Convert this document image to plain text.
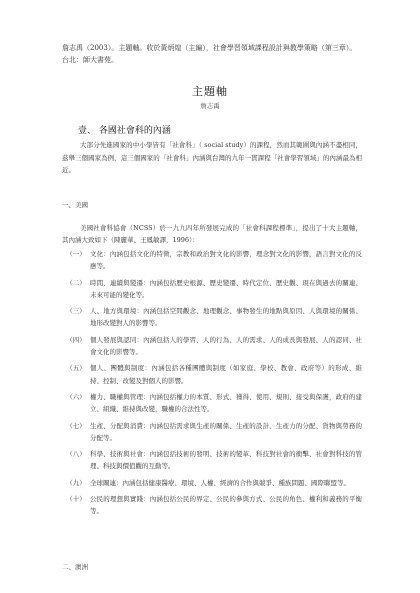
詹志禹（2003）。主題軸。收於黃炳煌（主編），社會學習領域課程設計與教學策略（第三章）。台北：師大書苑。
主題軸
詹志禹
壹、 各國社會科的內涵
大部分先進國家的中小學皆有「社會科」（ social study）的課程，然而其範圍與內涵不盡相同，茲舉三個國家為例，這三個國家的「社會科」內涵與台灣的九年一貫課程「社會學習領域」的內涵最為相近。
一、美國
美國社會科協會（NCSS）於一九九四年所發展完成的「社會科課程標準」，提出了十大主題軸，其內涵大致如下（陳麗華、王鳳敏譯，1996）：
（一） 文化：內涵包括文化的特徵，宗教和政治對文化的影響，理念對文化的影響，語言對文化的反應等。
（二） 時間、連續與變遷：內涵包括歷史根源、歷史變遷、時代定位、歷史觀、現在與過去的關連、未來可能的變化等。
（三） 人、地方與環境：內涵包括空間觀念、地理觀念、事物發生的地點與原因、人與環境的關係、地形改變對人的影響等。
（四） 個人發展與認同：內涵包括人的學習、人的行為、人的需求、人的成長與發展、人的認同、社會文化的影響等。
（五） 個人、團體與制度：內涵包括各種團體與制度（如家庭、學校、教會、政府等）的形成、維持、控制、改變及對個人的影響。
（六） 權力、職權與管理：內涵包括權力的本質、形式、獲得、使用、規則、接受與保護，政府的建立、組織、維持與改變，職權的合法性等。
（七） 生產、分配與消費：內涵包括需求與生產的關係、生產的設計、生產力的分配、貨物與勞務的分配等。
（八） 科學、技術與社會：內涵包括技術的發明、技術的變革、科技對社會的衝擊、社會對科技的管理、科技與價值觀的互動等。
（九） 全球關連：內涵包括健康醫療、環境、人權、經濟的合作與競爭、種族問題、國際聯盟等。
（十） 公民的理想與實踐：內涵包括公民的界定、公民的參與方式、公民的角色、權利和義務的平衡等。
二、澳洲
